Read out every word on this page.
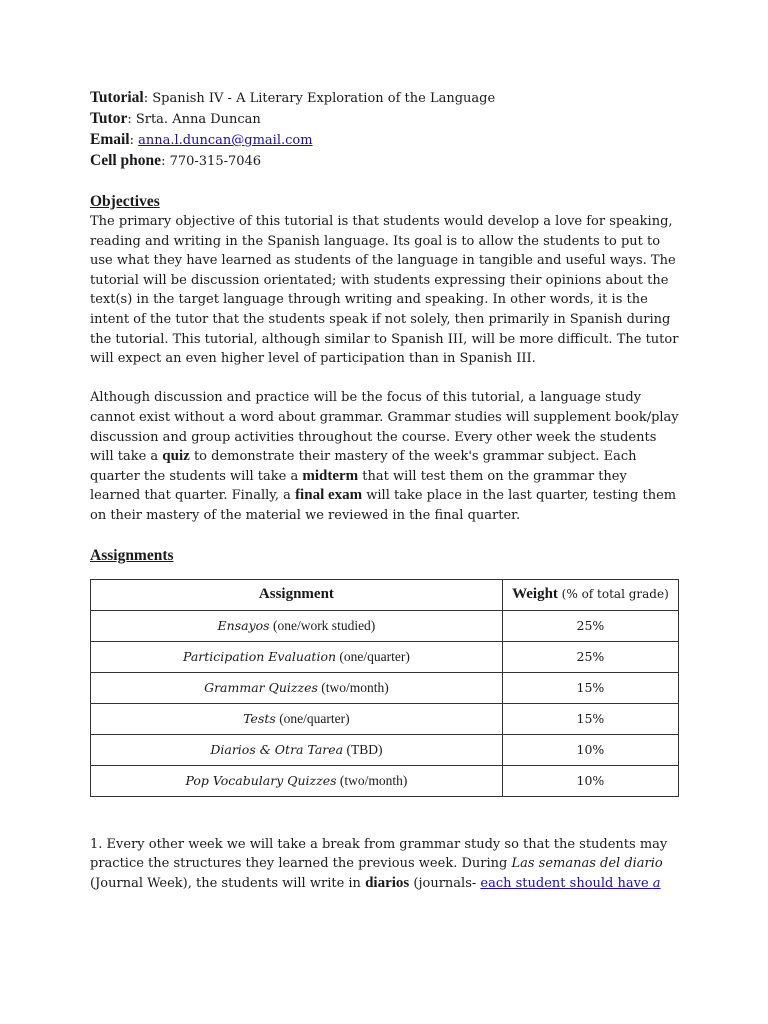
Tutorial: Spanish IV - A Literary Exploration of the Language
Tutor: Srta. Anna Duncan
Email: anna.l.duncan@gmail.com
Cell phone: 770-315-7046
Objectives

The primary objective of this tutorial is that students would develop a love for speaking, reading and writing in the Spanish language. Its goal is to allow the students to put to use what they have learned as students of the language in tangible and useful ways. The tutorial will be discussion orientated; with students expressing their opinions about the text(s) in the target language through writing and speaking. In other words, it is the intent of the tutor that the students speak if not solely, then primarily in Spanish during the tutorial. This tutorial, although similar to Spanish III, will be more difficult. The tutor will expect an even higher level of participation than in Spanish III.

Although discussion and practice will be the focus of this tutorial, a language study cannot exist without a word about grammar. Grammar studies will supplement book/play discussion and group activities throughout the course. Every other week the students will take a quiz to demonstrate their mastery of the week's grammar subject. Each quarter the students will take a midterm that will test them on the grammar they learned that quarter. Finally, a final exam will take place in the last quarter, testing them on their mastery of the material we reviewed in the final quarter.

Assignments
Assignment	Weight (% of total grade)
Ensayos (one/work studied)	25%
Participation Evaluation (one/quarter)	25%
Grammar Quizzes (two/month)	15%
Tests (one/quarter)	15%
Diarios & Otra Tarea (TBD)	10%
Pop Vocabulary Quizzes (two/month)	10%

1. Every other week we will take a break from grammar study so that the students may practice the structures they learned the previous week. During Las semanas del diario (Journal Week), the students will write in diarios (journals- each student should have a
